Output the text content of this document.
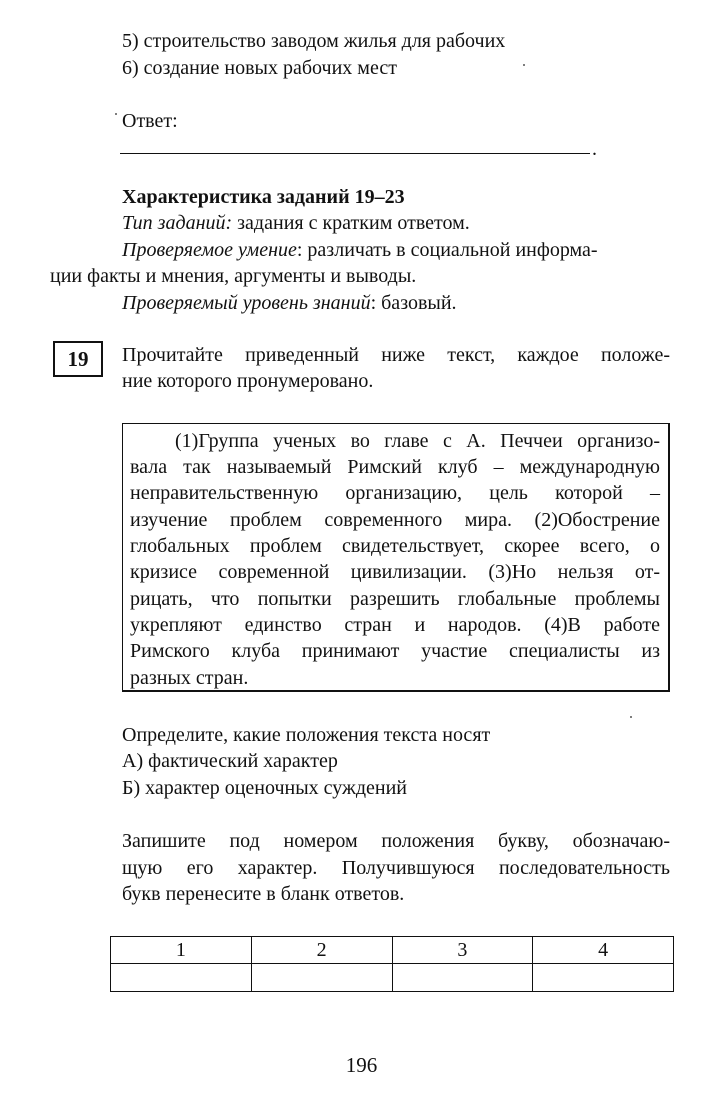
5) строительство заводом жилья для рабочих
6) создание новых рабочих мест
Ответ:
.
Характеристика заданий 19–23
Тип заданий: задания с кратким ответом.
Проверяемое умение: различать в социальной информа-
ции факты и мнения, аргументы и выводы.
Проверяемый уровень знаний: базовый.
19	Прочитайте приведенный ниже текст, каждое положе-
ние которого пронумеровано.
(1)Группа ученых во главе с А. Печчеи организо-
вала так называемый Римский клуб – международную
неправительственную организацию, цель которой –
изучение проблем современного мира. (2)Обострение
глобальных проблем свидетельствует, скорее всего, о
кризисе современной цивилизации. (3)Но нельзя от-
рицать, что попытки разрешить глобальные проблемы
укрепляют единство стран и народов. (4)В работе
Римского клуба принимают участие специалисты из
разных стран.
Определите, какие положения текста носят
А) фактический характер
Б) характер оценочных суждений
Запишите под номером положения букву, обозначаю-
щую его характер. Получившуюся последовательность
букв перенесите в бланк ответов.
1	2	3	4

196
